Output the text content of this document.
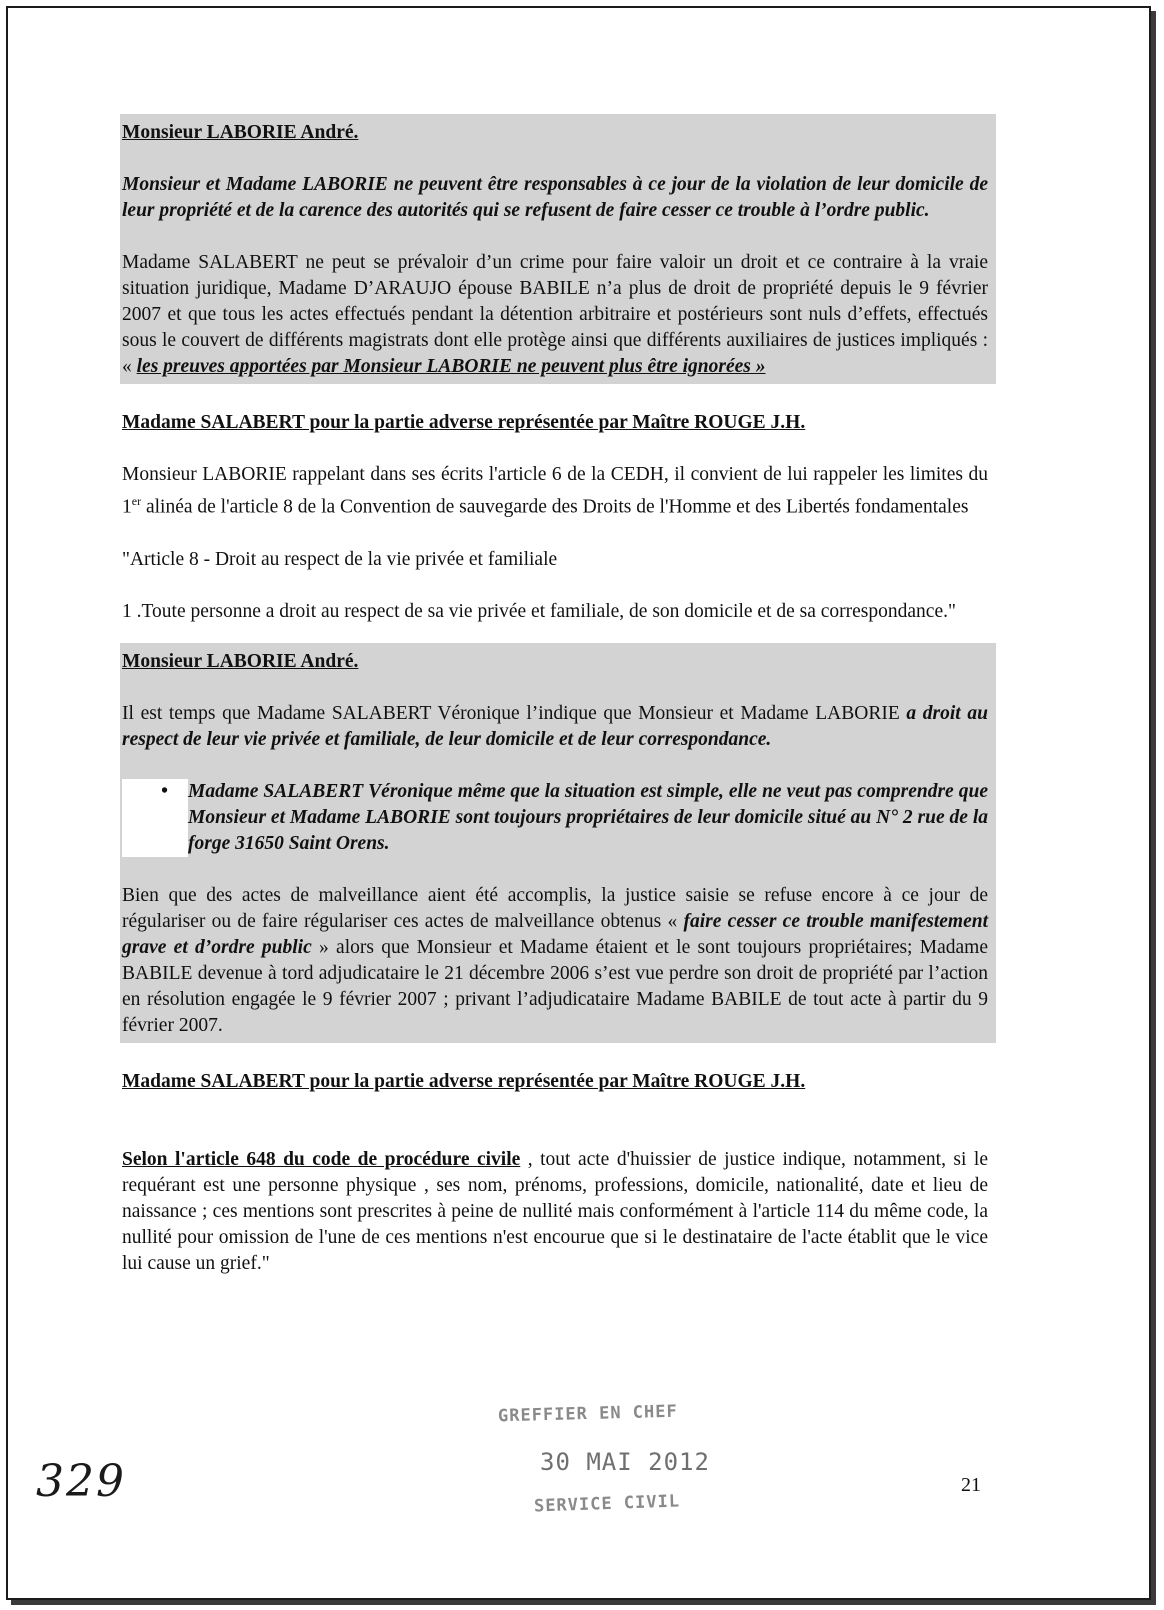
Monsieur LABORIE André.

Monsieur et Madame LABORIE ne peuvent être responsables à ce jour de la violation de leur domicile de leur propriété et de la carence des autorités qui se refusent de faire cesser ce trouble à l’ordre public.

Madame SALABERT ne peut se prévaloir d’un crime pour faire valoir un droit et ce contraire à la vraie situation juridique, Madame D’ARAUJO épouse BABILE n’a plus de droit de propriété depuis le 9 février 2007 et que tous les actes effectués pendant la détention arbitraire et postérieurs sont nuls d’effets, effectués sous le couvert de différents magistrats dont elle protège ainsi que différents auxiliaires de justices impliqués : « les preuves apportées par Monsieur LABORIE ne peuvent plus être ignorées »

Madame SALABERT pour la partie adverse représentée par Maître ROUGE J.H.

Monsieur LABORIE rappelant dans ses écrits l'article 6 de la CEDH, il convient de lui rappeler les limites du 1er alinéa de l'article 8 de la Convention de sauvegarde des Droits de l'Homme et des Libertés fondamentales

"Article 8 - Droit au respect de la vie privée et familiale

1 .Toute personne a droit au respect de sa vie privée et familiale, de son domicile et de sa correspondance."

Monsieur LABORIE André.

Il est temps que Madame SALABERT Véronique l’indique que Monsieur et Madame LABORIE a droit au respect de leur vie privée et familiale, de leur domicile et de leur correspondance.

•	Madame SALABERT Véronique même que la situation est simple, elle ne veut pas comprendre que Monsieur et Madame LABORIE sont toujours propriétaires de leur domicile situé au N° 2 rue de la forge 31650 Saint Orens.

Bien que des actes de malveillance aient été accomplis, la justice saisie se refuse encore à ce jour de régulariser ou de faire régulariser ces actes de malveillance obtenus « faire cesser ce trouble manifestement grave et d’ordre public » alors que Monsieur et Madame étaient et le sont toujours propriétaires; Madame BABILE devenue à tord adjudicataire le 21 décembre 2006 s’est vue perdre son droit de propriété par l’action en résolution engagée le 9 février 2007 ; privant l’adjudicataire Madame BABILE de tout acte à partir du 9 février 2007.

Madame SALABERT pour la partie adverse représentée par Maître ROUGE J.H.

Selon l'article 648 du code de procédure civile , tout acte d'huissier de justice indique, notamment, si le requérant est une personne physique , ses nom, prénoms, professions, domicile, nationalité, date et lieu de naissance ; ces mentions sont prescrites à peine de nullité mais conformément à l'article 114 du même code, la nullité pour omission de l'une de ces mentions n'est encourue que si le destinataire de l'acte établit que le vice lui cause un grief."

GREFFIER EN CHEF
30 MAI 2012
SERVICE CIVIL
329	21
